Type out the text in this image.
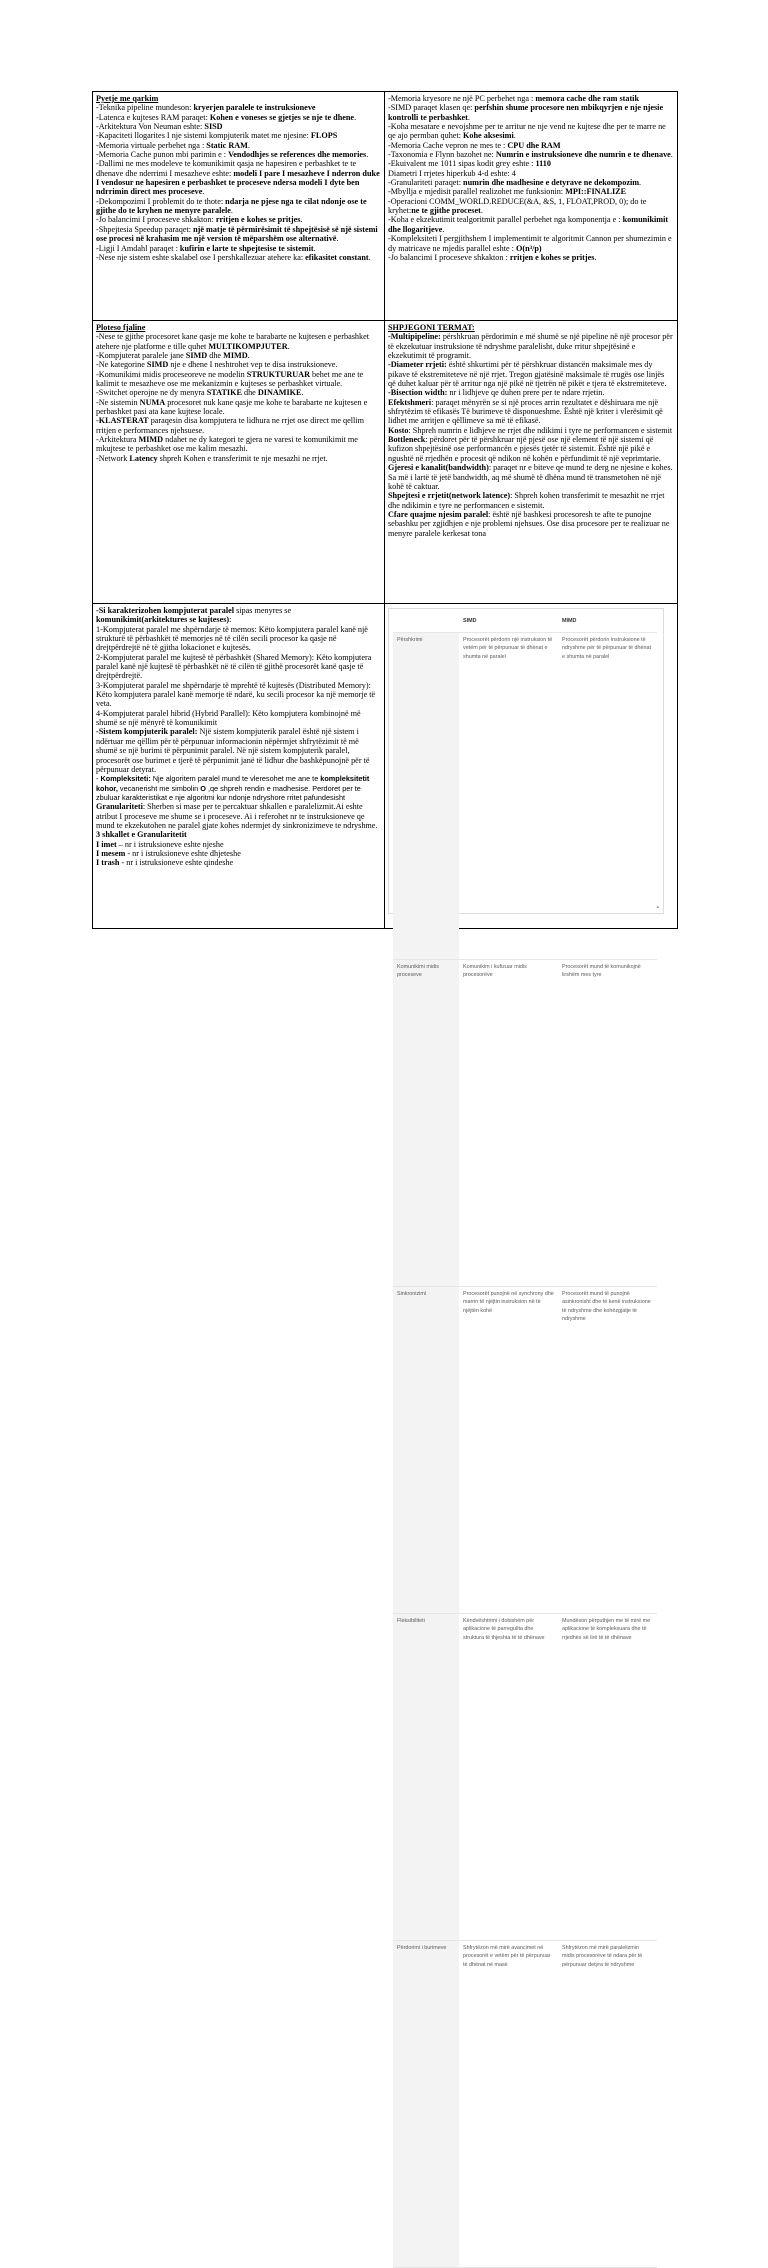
Pyetje me qarkim

-Teknika pipeline mundeson: kryerjen paralele te instruksioneve

-Latenca e kujteses RAM paraqet: Kohen e voneses se gjetjes se nje te dhene.

-Arkitektura Von Neuman eshte: SISD

-Kapaciteti llogarites I nje sistemi kompjuterik matet me njesine: FLOPS

-Memoria virtuale perbehet nga : Static RAM.

-Memoria Cache punon mbi parimin e : Vendodhjes se references dhe memories.

-Dallimi ne mes modeleve te komunikimit qasja ne hapesiren e perbashket te te dhenave dhe nderrimi I mesazheve eshte: modeli I pare I mesazheve I nderron duke I vendosur ne hapesiren e perbashket te proceseve ndersa modeli I dyte ben ndrrimin direct mes proceseve.

-Dekompozimi I problemit do te thote: ndarja ne pjese nga te cilat ndonje ose te gjithe do te kryhen ne menyre paralele.

-Jo balancimi I proceseve shkakton: rritjen e kohes se pritjes.

-Shpejtesia Speedup paraqet: një matje të përmirësimit të shpejtësisë së një sistemi ose procesi në krahasim me një version të mëparshëm ose alternativë.

-Ligji I Amdahl paraqet : kufirin e larte te shpejtesise te sistemit.

-Nese nje sistem eshte skalabel ose I pershkallezuar atehere ka: efikasitet constant.

-Memoria kryesore ne një PC perbehet nga : memora cache dhe ram statik

-SIMD paraqet klasen qe: perfshin shume procesore nen mbikqyrjen e nje njesie kontrolli te perbashket.

-Koha mesatare e nevojshme per te arritur ne nje vend ne kujtese dhe per te marre ne qe ajo permban quhet: Kohe aksesimi.

-Memoria Cache vepron ne mes te : CPU dhe RAM

-Taxonomia e Flynn bazohet ne: Numrin e instruksioneve dhe numrin e te dhenave.

-Ekuivalent me 1011 sipas kodit grey eshte : 1110

Diametri I rrjetes hiperkub 4-d eshte: 4

-Granulariteti paraqet: numrin dhe madhesine e detyrave ne dekompozim.

-Mbyllja e mjedisit parallel realizohet me funksionin: MPI::FINALIZE

-Operacioni COMM_WORLD.REDUCE(&A, &S, 1, FLOAT,PROD, 0); do te kryhet:ne te gjithe proceset.

-Koha e ekzekutimit tealgoritmit parallel perbehet nga komponentja e : komunikimit dhe llogaritjeve.

-Kompleksiteti I pergjithshem I implementimit te algoritmit Cannon per shumezimin e dy matricave ne mjedis parallel eshte : O(n³/p)

-Jo balancimi I proceseve shkakton : rritjen e kohes se pritjes.

Ploteso fjaline

-Nese te gjithe procesoret kane qasje me kohe te barabarte ne kujtesen e perbashket atehere nje platforme e tille quhet MULTIKOMPJUTER.

-Kompjuterat paralele jane SIMD dhe MIMD.

-Ne kategorine SIMD nje e dhene I neshtrohet vep te disa instruksioneve.

-Komunikimi midis proceseoreve ne modelin STRUKTURUAR behet me ane te kalimit te mesazheve ose me mekanizmin e kujteses se perbashket virtuale.

-Switchet operojne ne dy menyra STATIKE dhe DINAMIKE.

-Ne sistemin NUMA procesoret nuk kane qasje me kohe te barabarte ne kujtesen e perbashket pasi ata kane kujtese locale.

-KLASTERAT paraqesin disa kompjutera te lidhura ne rrjet ose direct me qellim rritjen e performances njehsuese.

-Arkitektura MIMD ndahet ne dy kategori te gjera ne varesi te komunikimit me mkujtese te perbashket ose me kalim mesazhi.

-Network Latency shpreh Kohen e transferimit te nje mesazhi ne rrjet.

SHPJEGONI TERMAT:

-Multipipeline: përshkruan përdorimin e më shumë se një pipeline në një procesor për të ekzekutuar instruksione të ndryshme paralelisht, duke rritur shpejtësinë e ekzekutimit të programit.

-Diameter rrjeti: është shkurtimi për të përshkruar distancën maksimale mes dy pikave të ekstremiteteve në një rrjet. Tregon gjatësinë maksimale të rrugës ose linjës që duhet kaluar për të arritur nga një pikë në tjetrën në pikët e tjera të ekstremiteteve.

-Bisection width: nr i lidhjeve qe duhen prere per te ndare rrjetin.

Efektshmeri: paraqet mënyrën se si një proces arrin rezultatet e dëshiruara me një shfrytëzim të efikasës Të burimeve të disponueshme. Është një kriter i vlerësimit që lidhet me arritjen e qëllimeve sa më të efikasë.

Kosto: Shpreh numrin e lidhjeve ne rrjet dhe ndikimi i tyre ne performancen e sistemit

Bottleneck: përdoret për të përshkruar një pjesë ose një element të një sistemi që kufizon shpejtësinë ose performancën e pjesës tjetër të sistemit. Është një pikë e ngushtë në rrjedhën e procesit që ndikon në kohën e përfundimit të një veprimtarie.

Gjeresi e kanalit(bandwidth): paraqet nr e biteve qe mund te derg ne njesine e kohes. Sa më i lartë të jetë bandwidth, aq më shumë të dhëna mund të transmetohen në një kohë të caktuar.

Shpejtesi e rrjetit(network latence): Shpreh kohen transferimit te mesazhit ne rrjet dhe ndikimin e tyre ne performancen e sistemit.

Cfare quajme njesim paralel: është një bashkesi procesoresh te afte te punojne sebashku per zgjidhjen e nje problemi njehsues. Ose disa procesore per te realizuar ne menyre paralele kerkesat tona

-Si karakterizohen kompjuterat paralel sipas menyres se komunikimit(arkitektures se kujteses):

1-Kompjuterat paralel me shpërndarje të memos: Këto kompjutera paralel kanë një strukturë të përbashkët të memorjes në të cilën secili procesor ka qasje në drejtpërdrejtë në të gjitha lokacionet e kujtesës.

2-Kompjuterat paralel me kujtesë të përbashkët (Shared Memory): Këto kompjutera paralel kanë një kujtesë të përbashkët në të cilën të gjithë procesorët kanë qasje të drejtpërdrejtë.

3-Kompjuterat paralel me shpërndarje të mprehtë të kujtesës (Distributed Memory): Këto kompjutera paralel kanë memorje të ndarë, ku secili procesor ka një memorje të veta.

4-Kompjuterat paralel hibrid (Hybrid Parallel): Këto kompjutera kombinojnë më shumë se një mënyrë të komunikimit

-Sistem kompjuterik paralel: Një sistem kompjuterik paralel është një sistem i ndërtuar me qëllim për të përpunuar informacionin nëpërmjet shfrytëzimit të më shumë se një burimi të përpunimit paralel. Në një sistem kompjuterik paralel, procesorët ose burimet e tjerë të përpunimit janë të lidhur dhe bashkëpunojnë për të përpunuar detyrat.

- Kompleksiteti: Nje algoritem paralel mund te vleresohet me ane te kompleksitetit kohor, vecanerisht me simbolin O ,qe shpreh rendin e madhesise. Perdoret per te zbuluar karakteristikat e nje algoritmi kur ndonje ndryshore rritet pafundesisht

Granulariteti: Sherben si mase per te percaktuar shkallen e paralelizmit.Ai eshte atribut I proceseve me shume se i proceseve. Ai i referohet nr te instruksioneve qe mund te ekzekutohen ne paralel gjate kohes ndermjet dy sinkronizimeve te ndryshme.

3 shkallet e Granularitetit

I imet – nr i istruksioneve eshte njeshe

I mesem - nr i istruksioneve eshte dhjeteshe

I trash - nr i istruksioneve eshte qindeshe

	SIMD	MIMD
Përshkrimi	Procesorët përdorin një instruksion të vetëm për të përpunuar të dhënat e shumta në paralel	Procesorët përdorin instruksione të ndryshme për të përpunuar të dhënat e shumta në paralel
Komunikimi midis proceseve	Komunikim i kufizuar midis procesorëve	Procesorët mund të komunikojnë lirshëm mes tyre
Sinkronizimi	Procesorët punojnë në synchrony dhe marrin të njëjtin instruksion në të njëjtën kohë	Procesorët mund të punojnë asinkronisht dhe të kenë instruksione të ndryshme dhe kohëzgjatje të ndryshme
Fleksibiliteti	Këndvështrimi i dobishëm për aplikacione të parregullta dhe struktura të thjeshta të të dhënave	Mundëson përputhjen me të mirë me aplikacione të kompleksuara dhe të rrjedhës së lirë të të dhënave
Përdorimi i burimeve	Shfrytëzon më mirë avancimet në procesorët e vetëm për të përpunuar të dhënat në masë	Shfrytëzon më mirë paralelizmin midis procesorëve të ndara për të përpunuar detyra të ndryshme
▴
